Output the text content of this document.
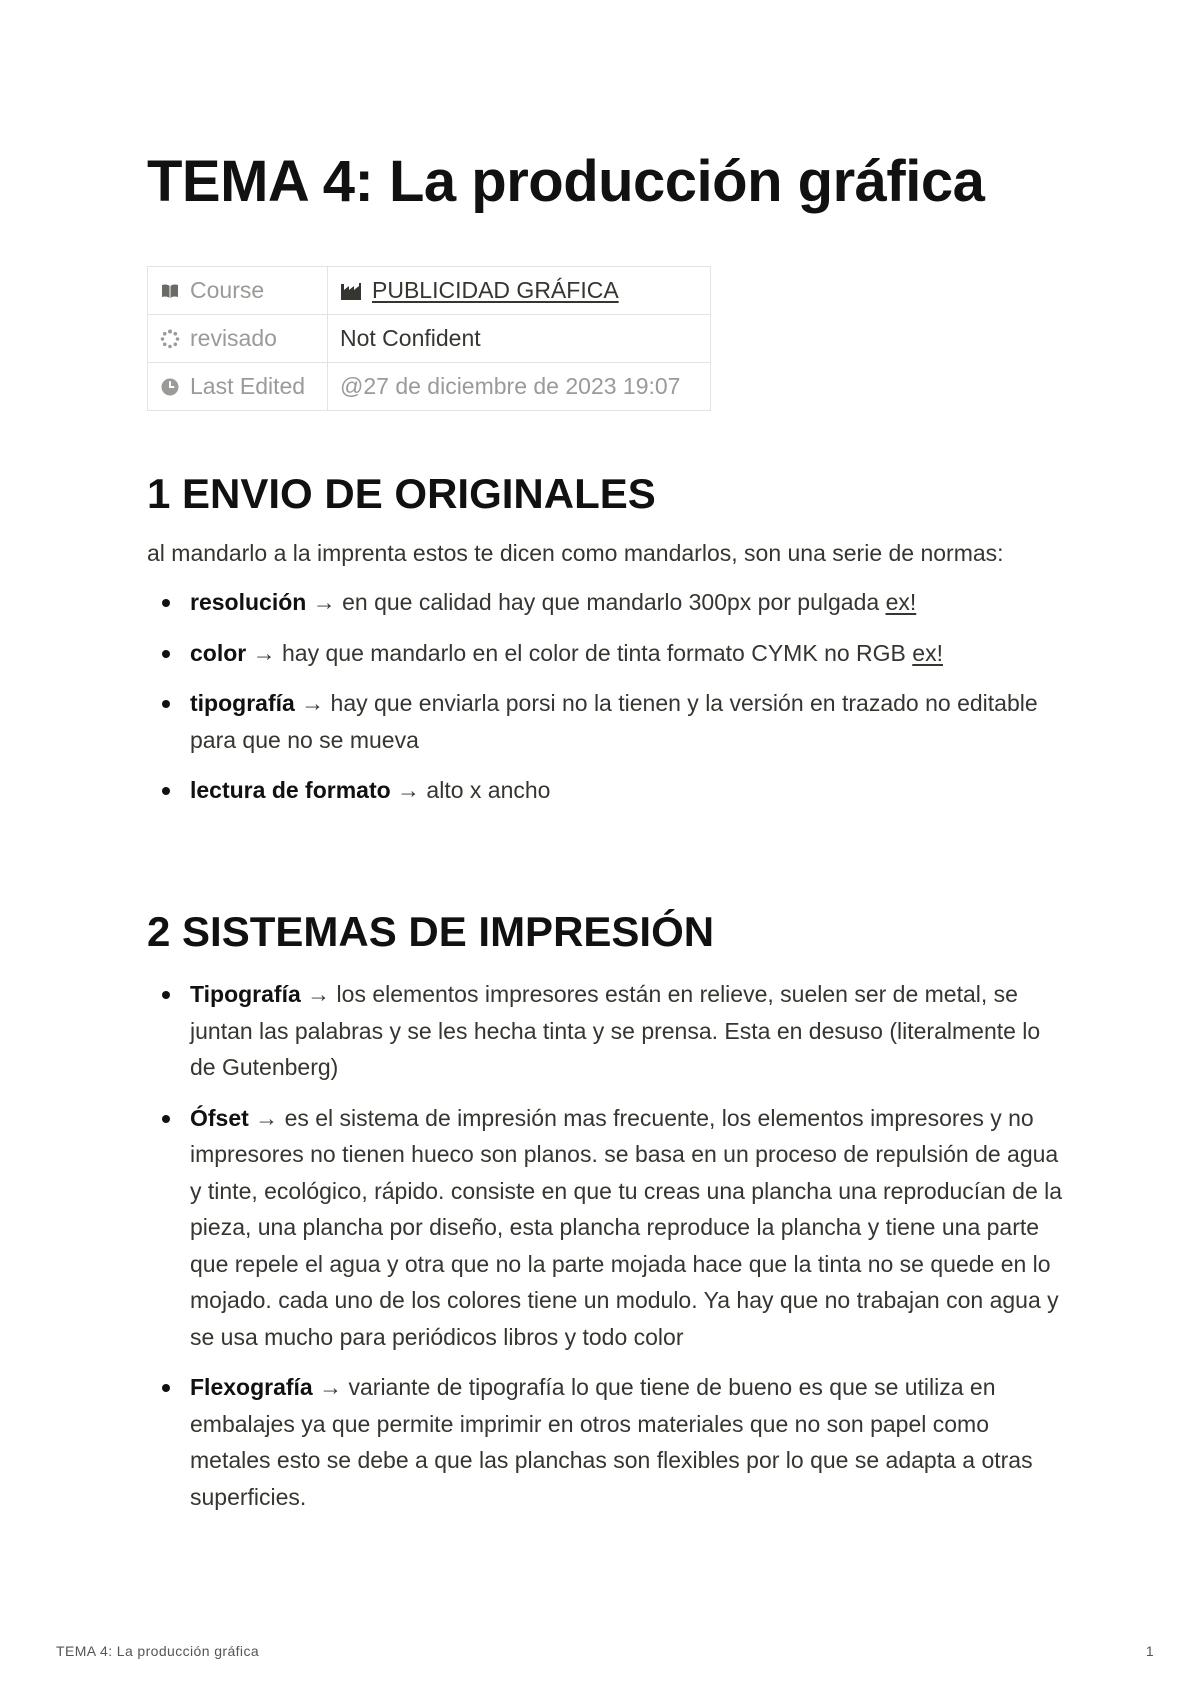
TEMA 4: La producción gráfica
Course	PUBLICIDAD GRÁFICA
revisado	Not Confident
Last Edited	@27 de diciembre de 2023 19:07
1 ENVIO DE ORIGINALES

al mandarlo a la imprenta estos te dicen como mandarlos, son una serie de normas:

resolución → en que calidad hay que mandarlo 300px por pulgada ex!
color → hay que mandarlo en el color de tinta formato CYMK no RGB ex!
tipografía → hay que enviarla porsi no la tienen y la versión en trazado no editable para que no se mueva
lectura de formato → alto x ancho
2 SISTEMAS DE IMPRESIÓN
Tipografía → los elementos impresores están en relieve, suelen ser de metal, se juntan las palabras y se les hecha tinta y se prensa. Esta en desuso (literalmente lo de Gutenberg)
Ófset → es el sistema de impresión mas frecuente, los elementos impresores y no impresores no tienen hueco son planos. se basa en un proceso de repulsión de agua y tinte, ecológico, rápido. consiste en que tu creas una plancha una reproducían de la pieza, una plancha por diseño, esta plancha reproduce la plancha y tiene una parte que repele el agua y otra que no la parte mojada hace que la tinta no se quede en lo mojado. cada uno de los colores tiene un modulo. Ya hay que no trabajan con agua y se usa mucho para periódicos libros y todo color
Flexografía → variante de tipografía lo que tiene de bueno es que se utiliza en embalajes ya que permite imprimir en otros materiales que no son papel como metales esto se debe a que las planchas son flexibles por lo que se adapta a otras superficies.
TEMA 4: La producción gráfica	1
